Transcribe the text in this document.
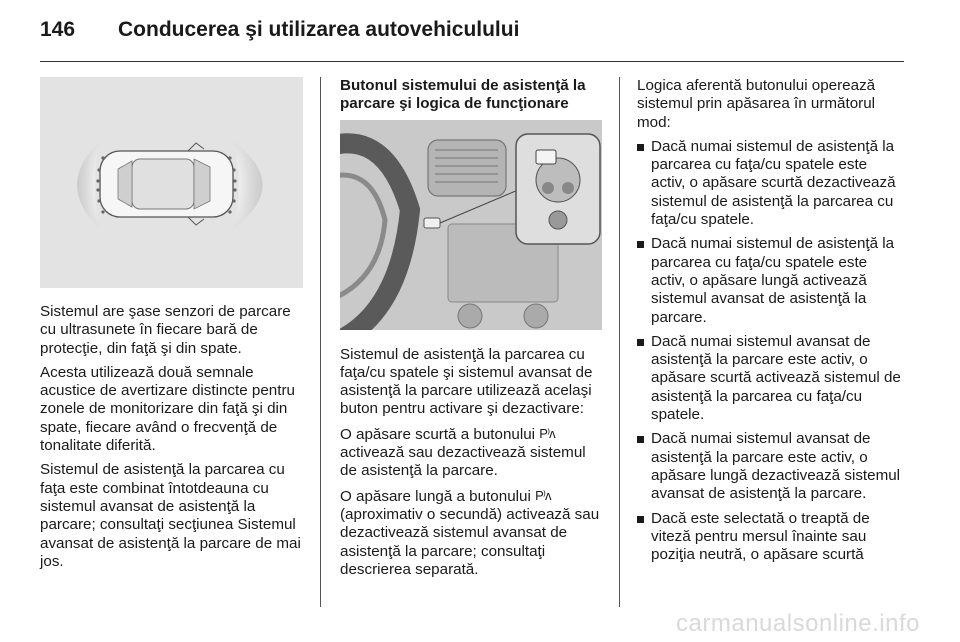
146 Conducerea şi utilizarea autovehiculului

Sistemul are şase senzori de parcare cu ultrasunete în fiecare bară de protecţie, din faţă şi din spate.

Acesta utilizează două semnale acustice de avertizare distincte pentru zonele de monitorizare din faţă şi din spate, fiecare având o frecvenţă de tonalitate diferită.

Sistemul de asistenţă la parcarea cu faţa este combinat întotdeauna cu sistemul avansat de asistenţă la parcare; consultaţi secţiunea Sistemul avansat de asistenţă la parcare de mai jos.

Butonul sistemului de asistenţă la parcare şi logica de funcţionare

Sistemul de asistenţă la parcarea cu faţa/cu spatele şi sistemul avansat de asistenţă la parcare utilizează acelaşi buton pentru activare şi dezactivare:

O apăsare scurtă a butonului P⁾ᴧ activează sau dezactivează sistemul de asistenţă la parcare.

O apăsare lungă a butonului P⁾ᴧ (aproximativ o secundă) activează sau dezactivează sistemul avansat de asistenţă la parcare; consultaţi descrierea separată.

Logica aferentă butonului operează sistemul prin apăsarea în următorul mod:

Dacă numai sistemul de asistenţă la parcarea cu faţa/cu spatele este activ, o apăsare scurtă dezactivează sistemul de asistenţă la parcarea cu faţa/cu spatele.
Dacă numai sistemul de asistenţă la parcarea cu faţa/cu spatele este activ, o apăsare lungă activează sistemul avansat de asistenţă la parcare.
Dacă numai sistemul avansat de asistenţă la parcare este activ, o apăsare scurtă activează sistemul de asistenţă la parcarea cu faţa/cu spatele.
Dacă numai sistemul avansat de asistenţă la parcare este activ, o apăsare lungă dezactivează sistemul avansat de asistenţă la parcare.
Dacă este selectată o treaptă de viteză pentru mersul înainte sau poziţia neutră, o apăsare scurtă
carmanualsonline.info
